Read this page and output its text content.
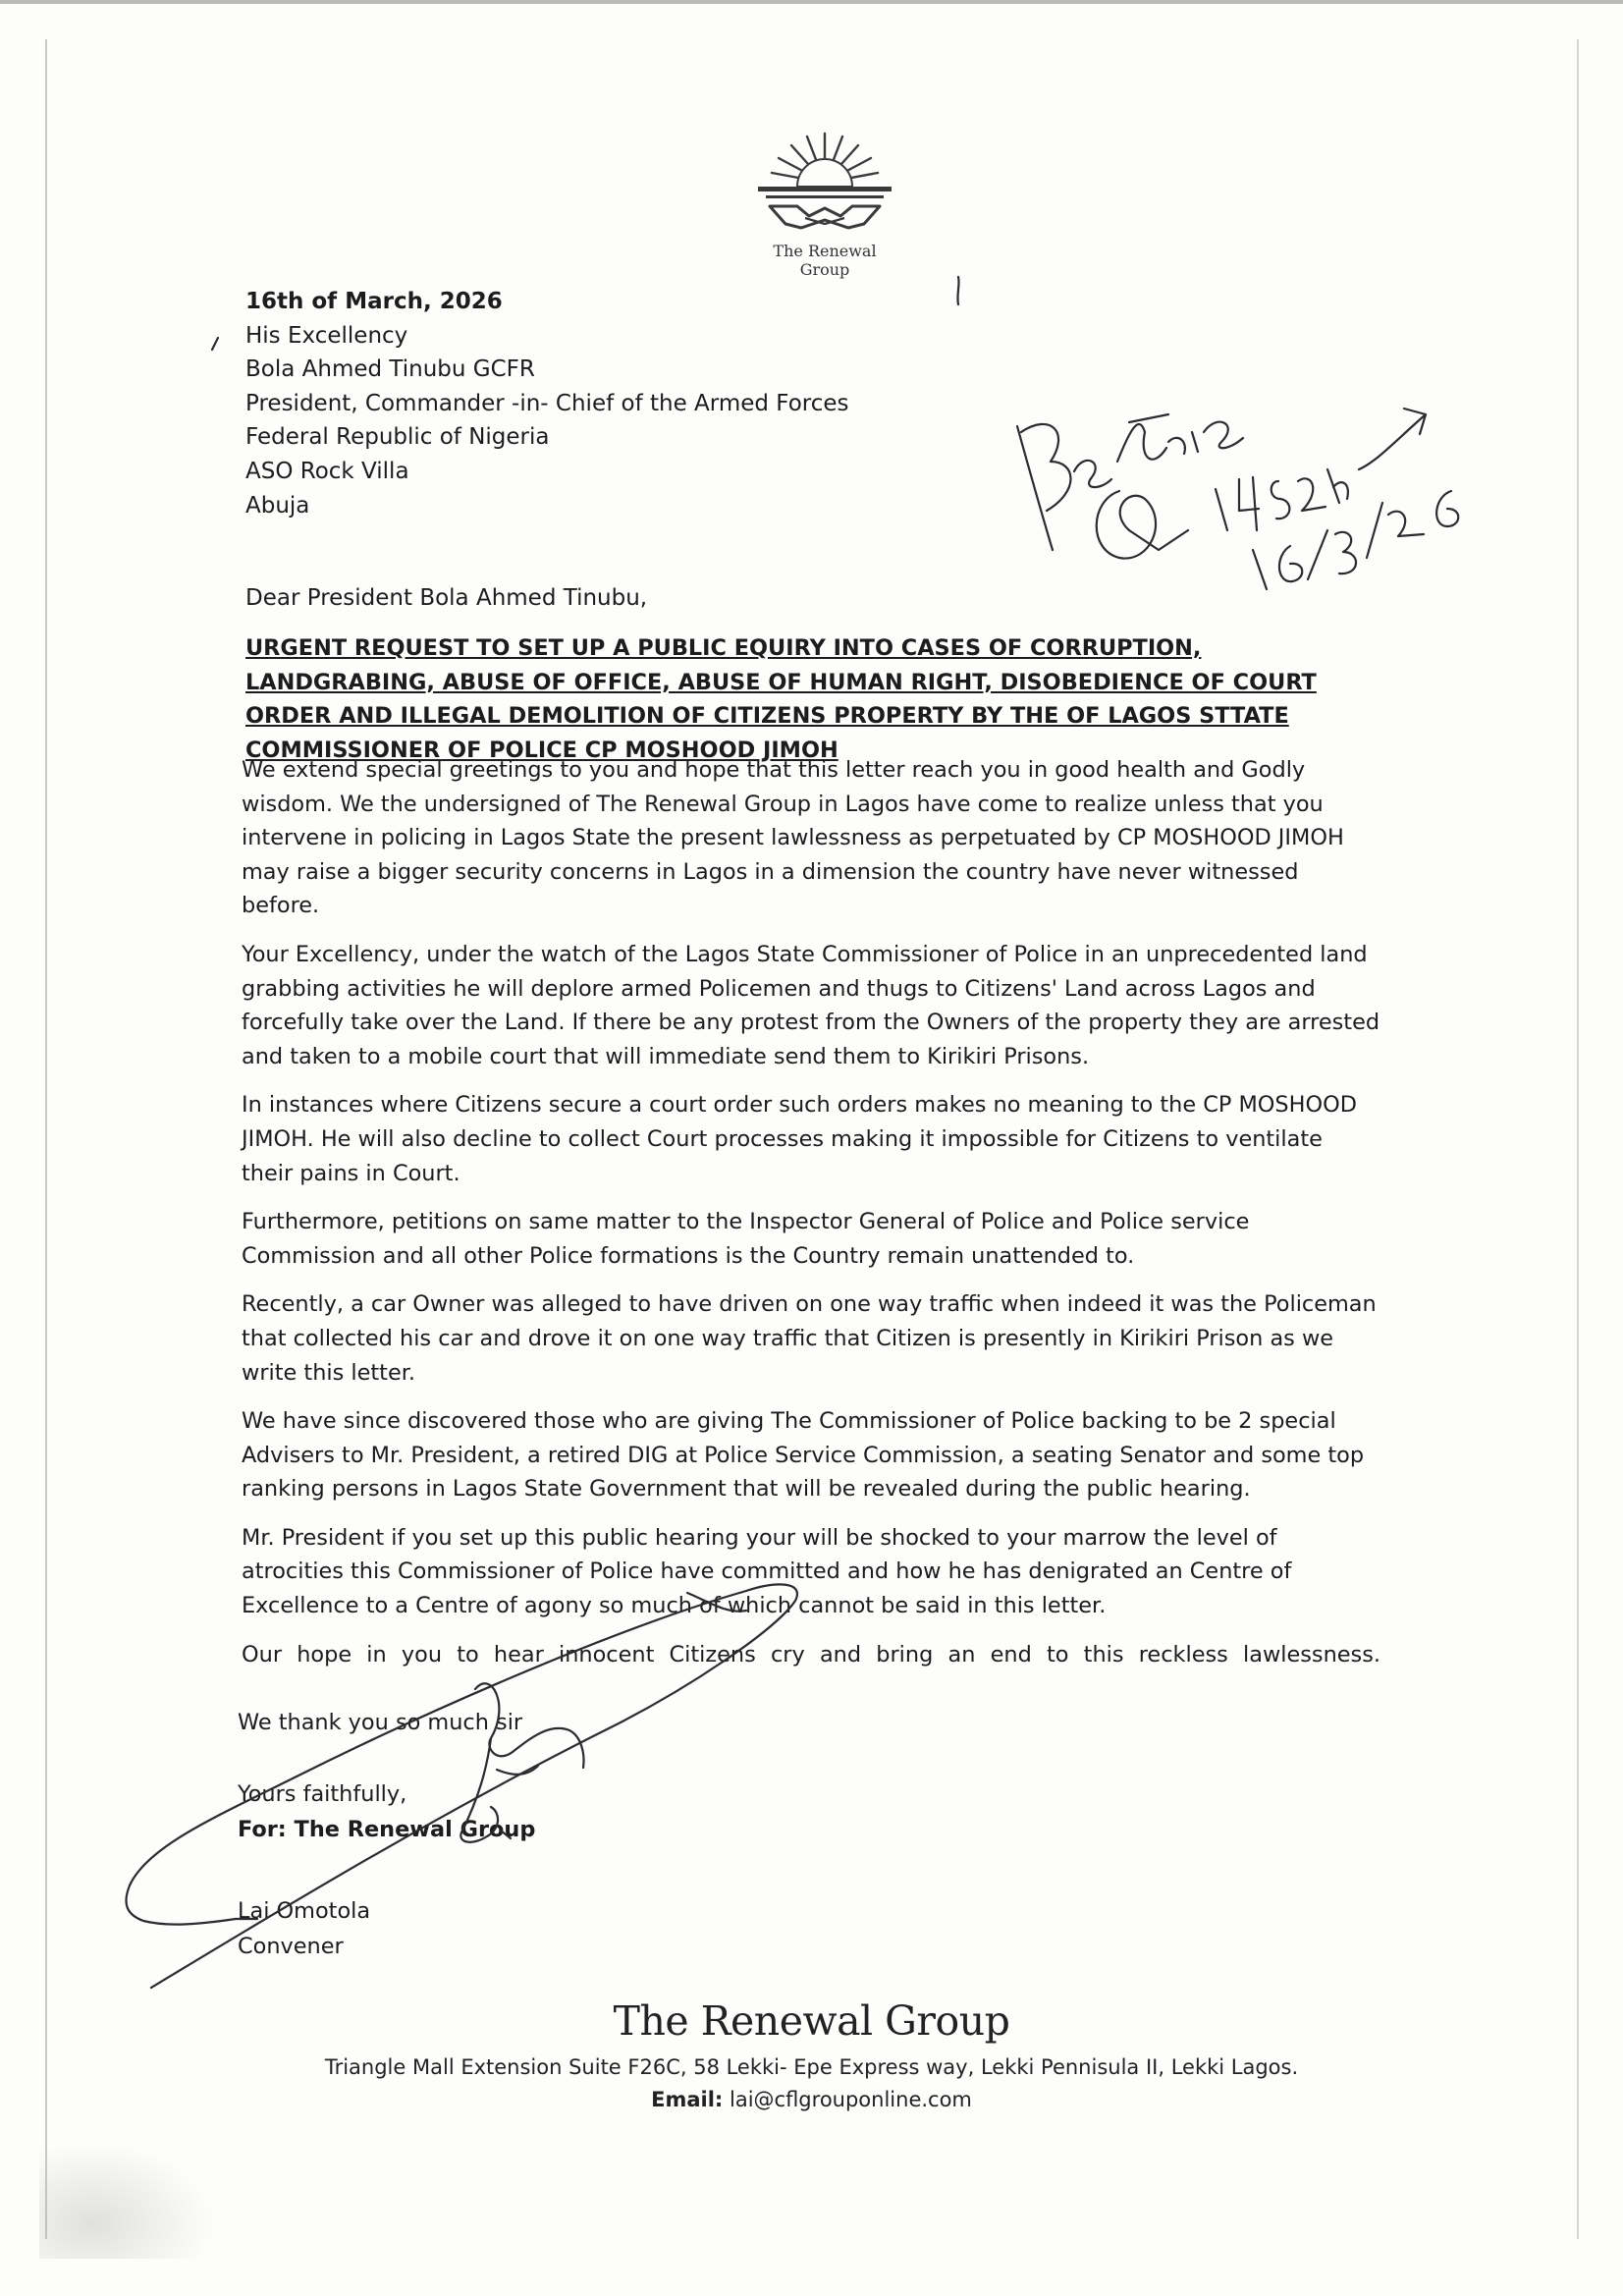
The Renewal Group
16th of March, 2026
His Excellency
Bola Ahmed Tinubu GCFR
President, Commander -in- Chief of the Armed Forces
Federal Republic of Nigeria
ASO Rock Villa
Abuja
Dear President Bola Ahmed Tinubu,
URGENT REQUEST TO SET UP A PUBLIC EQUIRY INTO CASES OF CORRUPTION, LANDGRABING, ABUSE OF OFFICE, ABUSE OF HUMAN RIGHT, DISOBEDIENCE OF COURT ORDER AND ILLEGAL DEMOLITION OF CITIZENS PROPERTY BY THE OF LAGOS STTATE COMMISSIONER OF POLICE CP MOSHOOD JIMOH

We extend special greetings to you and hope that this letter reach you in good health and Godly wisdom. We the undersigned of The Renewal Group in Lagos have come to realize unless that you intervene in policing in Lagos State the present lawlessness as perpetuated by CP MOSHOOD JIMOH may raise a bigger security concerns in Lagos in a dimension the country have never witnessed before.

Your Excellency, under the watch of the Lagos State Commissioner of Police in an unprecedented land grabbing activities he will deplore armed Policemen and thugs to Citizens' Land across Lagos and forcefully take over the Land. If there be any protest from the Owners of the property they are arrested and taken to a mobile court that will immediate send them to Kirikiri Prisons.

In instances where Citizens secure a court order such orders makes no meaning to the CP MOSHOOD JIMOH. He will also decline to collect Court processes making it impossible for Citizens to ventilate their pains in Court.

Furthermore, petitions on same matter to the Inspector General of Police and Police service Commission and all other Police formations is the Country remain unattended to.

Recently, a car Owner was alleged to have driven on one way traffic when indeed it was the Policeman that collected his car and drove it on one way traffic that Citizen is presently in Kirikiri Prison as we write this letter.

We have since discovered those who are giving The Commissioner of Police backing to be 2 special Advisers to Mr. President, a retired DIG at Police Service Commission, a seating Senator and some top ranking persons in Lagos State Government that will be revealed during the public hearing.

Mr. President if you set up this public hearing your will be shocked to your marrow the level of atrocities this Commissioner of Police have committed and how he has denigrated an Centre of Excellence to a Centre of agony so much of which cannot be said in this letter.

Our hope in you to hear innocent Citizens cry and bring an end to this reckless lawlessness.

We thank you so much sir
Yours faithfully,
For: The Renewal Group
Lai Omotola
Convener
The Renewal Group
Triangle Mall Extension Suite F26C, 58 Lekki- Epe Express way, Lekki Pennisula II, Lekki Lagos.
Email: lai@cflgrouponline.com
